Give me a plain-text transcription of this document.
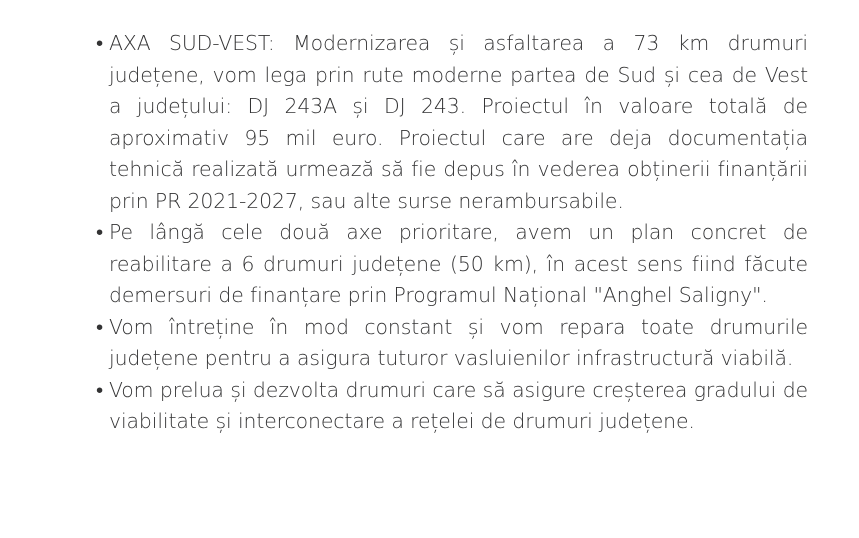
• AXA SUD-VEST: Modernizarea și asfaltarea a 73 km drumuri județene, vom lega prin rute moderne partea de Sud și cea de Vest a județului: DJ 243A și DJ 243. Proiectul în valoare totală de aproximativ 95 mil euro. Proiectul care are deja documentația tehnică realizată urmează să fie depus în vederea obținerii finanțării prin PR 2021-2027, sau alte surse nerambursabile.
• Pe lângă cele două axe prioritare, avem un plan concret de reabilitare a 6 drumuri județene (50 km), în acest sens fiind făcute demersuri de finanțare prin Programul Național "Anghel Saligny".
• Vom întreține în mod constant și vom repara toate drumurile județene pentru a asigura tuturor vasluienilor infrastructură viabilă.
• Vom prelua și dezvolta drumuri care să asigure creșterea gradului de viabilitate și interconectare a rețelei de drumuri județene.
